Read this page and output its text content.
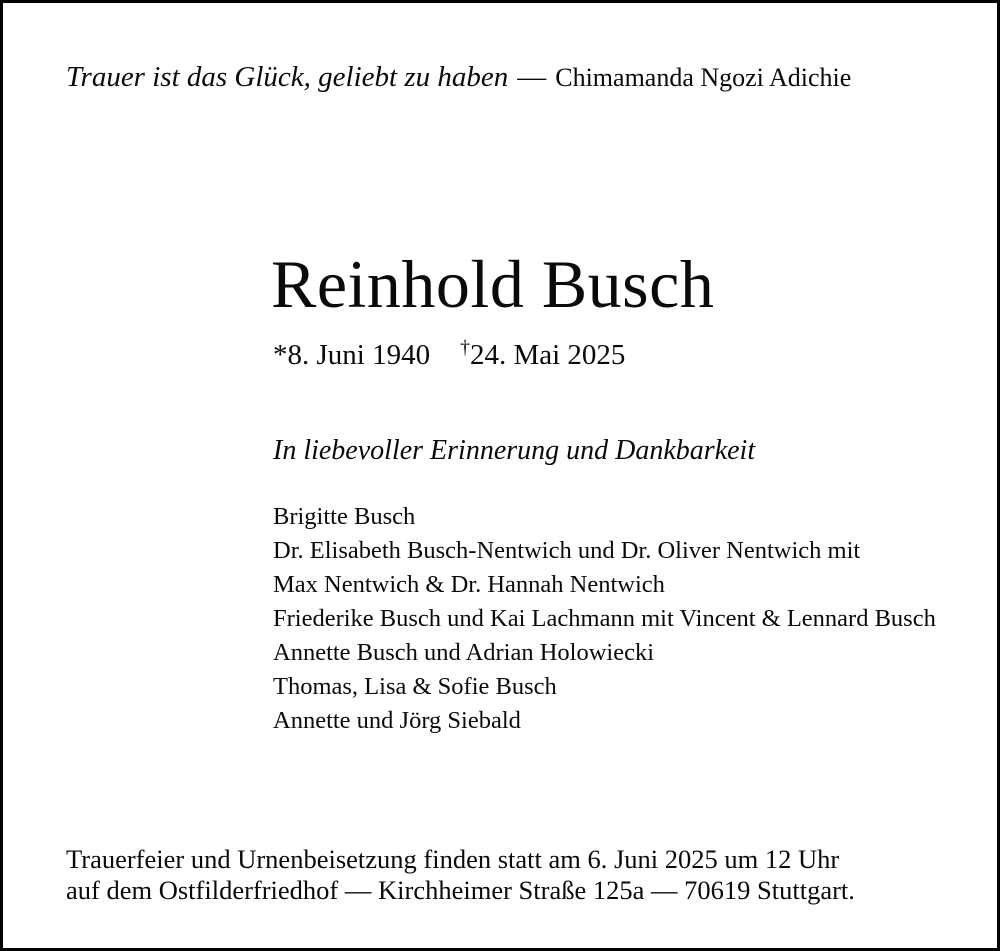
Trauer ist das Glück, geliebt zu haben — Chimamanda Ngozi Adichie
Reinhold Busch
*8. Juni 1940 †24. Mai 2025
In liebevoller Erinnerung und Dankbarkeit
Brigitte Busch
Dr. Elisabeth Busch-Nentwich und Dr. Oliver Nentwich mit
Max Nentwich & Dr. Hannah Nentwich
Friederike Busch und Kai Lachmann mit Vincent & Lennard Busch
Annette Busch und Adrian Holowiecki
Thomas, Lisa & Sofie Busch
Annette und Jörg Siebald
Trauerfeier und Urnenbeisetzung finden statt am 6. Juni 2025 um 12 Uhr
auf dem Ostfilderfriedhof — Kirchheimer Straße 125a — 70619 Stuttgart.
